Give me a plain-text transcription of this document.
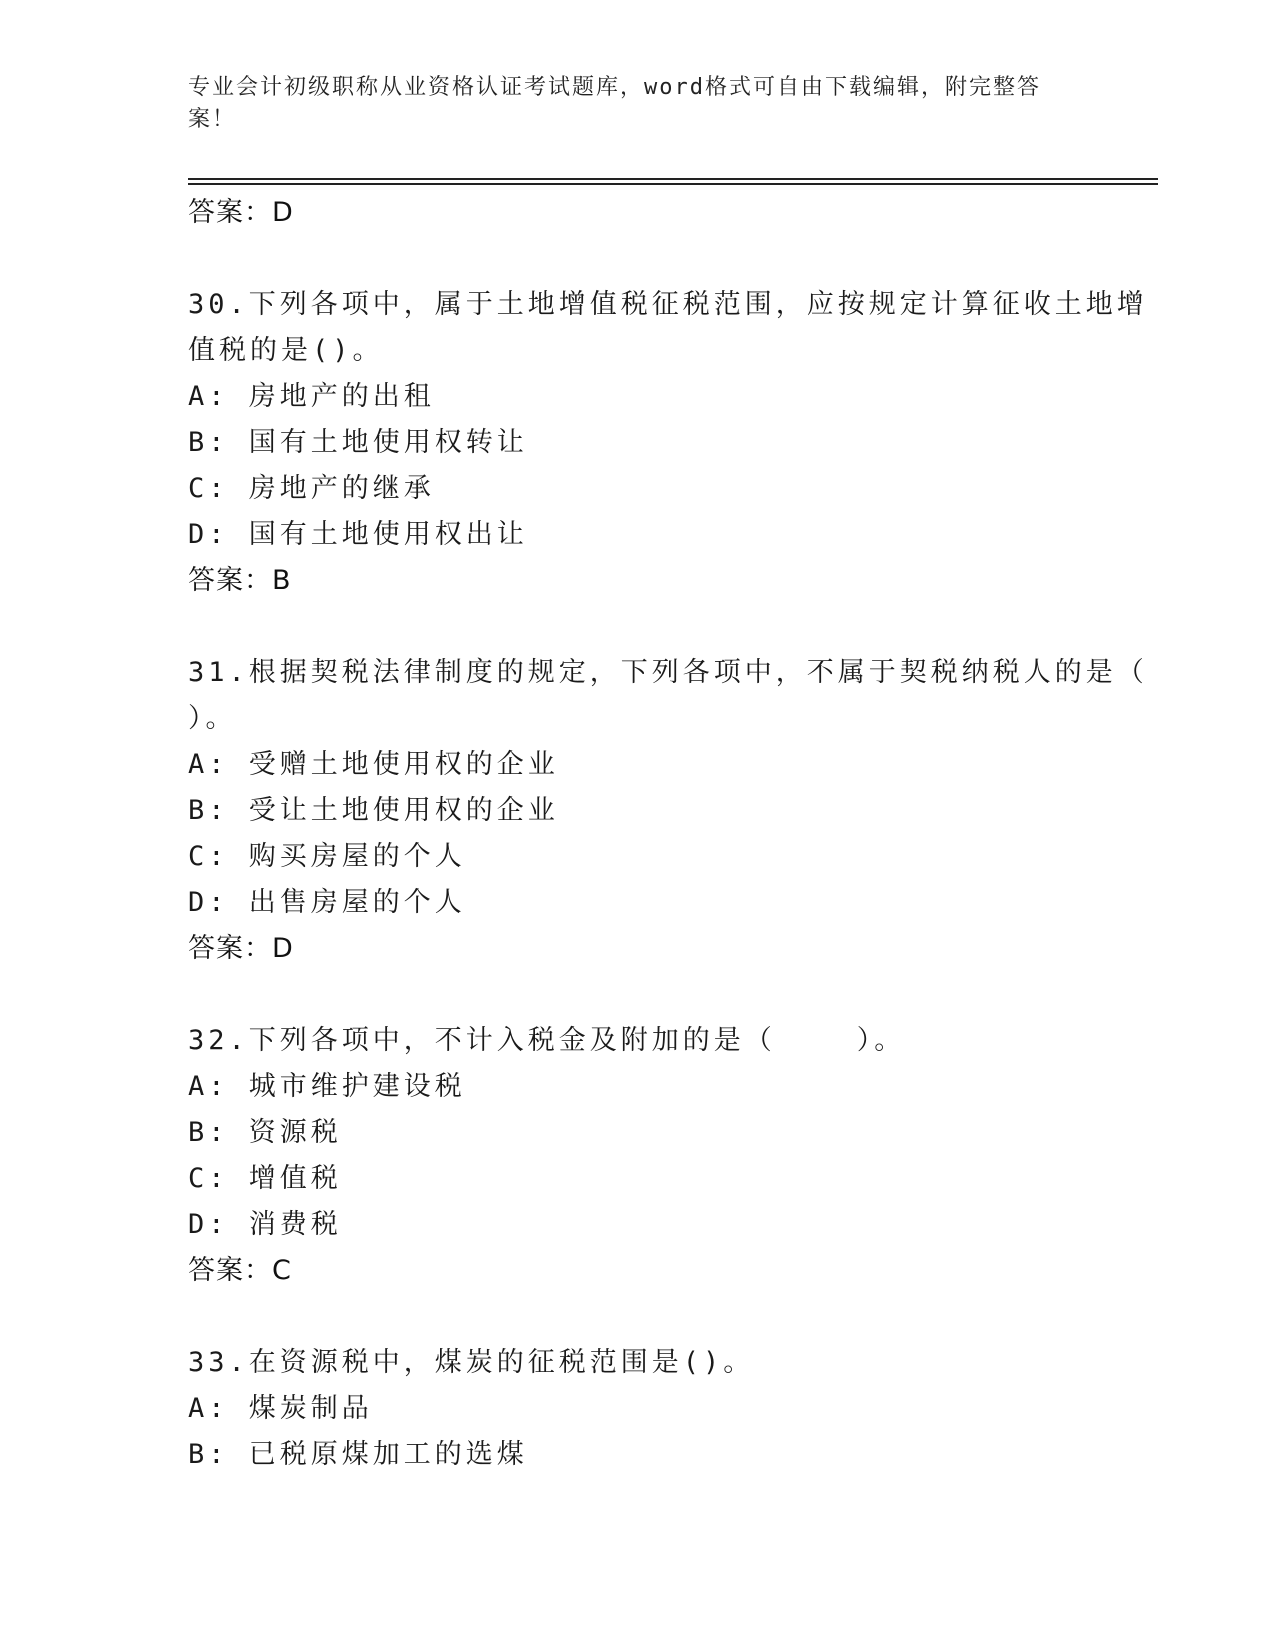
专业会计初级职称从业资格认证考试题库，word格式可自由下载编辑，附完整答
案！
答案：D
30.下列各项中，属于土地增值税征税范围，应按规定计算征收土地增
值税的是()。
A: 房地产的出租
B: 国有土地使用权转让
C: 房地产的继承
D: 国有土地使用权出让
答案：B
31.根据契税法律制度的规定，下列各项中，不属于契税纳税人的是（
）。
A: 受赠土地使用权的企业
B: 受让土地使用权的企业
C: 购买房屋的个人
D: 出售房屋的个人
答案：D
32.下列各项中，不计入税金及附加的是（    ）。
A: 城市维护建设税
B: 资源税
C: 增值税
D: 消费税
答案：C
33.在资源税中，煤炭的征税范围是()。
A: 煤炭制品
B: 已税原煤加工的选煤
